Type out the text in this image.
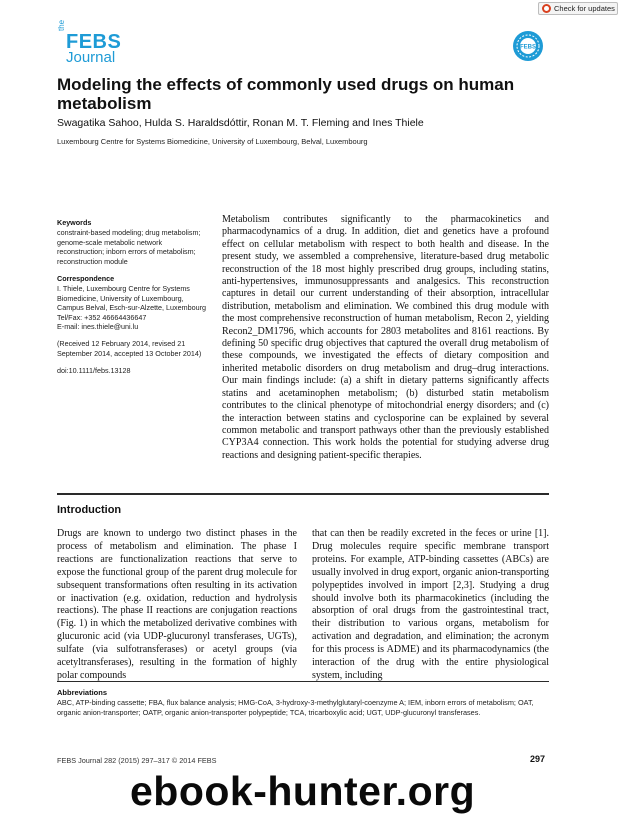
Check for updates
the
FEBS
Journal
FEBS
Modeling the effects of commonly used drugs on human metabolism
Swagatika Sahoo, Hulda S. Haraldsdóttir, Ronan M. T. Fleming and Ines Thiele
Luxembourg Centre for Systems Biomedicine, University of Luxembourg, Belval, Luxembourg
Keywords

constraint-based modeling; drug metabolism; genome-scale metabolic network reconstruction; inborn errors of metabolism; reconstruction module

Correspondence
I. Thiele, Luxembourg Centre for Systems Biomedicine, University of Luxembourg, Campus Belval, Esch-sur-Alzette, Luxembourg
Tel/Fax: +352 46664436647

E-mail: ines.thiele@uni.lu

(Received 12 February 2014, revised 21 September 2014, accepted 13 October 2014)

doi:10.1111/febs.13128

Metabolism contributes significantly to the pharmacokinetics and pharmacodynamics of a drug. In addition, diet and genetics have a profound effect on cellular metabolism with respect to both health and disease. In the present study, we assembled a comprehensive, literature-based drug metabolic reconstruction of the 18 most highly prescribed drug groups, including statins, anti-hypertensives, immunosuppressants and analgesics. This reconstruction captures in detail our current understanding of their absorption, intracellular distribution, metabolism and elimination. We combined this drug module with the most comprehensive reconstruction of human metabolism, Recon 2, yielding Recon2_DM1796, which accounts for 2803 metabolites and 8161 reactions. By defining 50 specific drug objectives that captured the overall drug metabolism of these compounds, we investigated the effects of dietary composition and inherited metabolic disorders on drug metabolism and drug–drug interactions. Our main findings include: (a) a shift in dietary patterns significantly affects statins and acetaminophen metabolism; (b) disturbed statin metabolism contributes to the clinical phenotype of mitochondrial energy disorders; and (c) the interaction between statins and cyclosporine can be explained by several common metabolic and transport pathways other than the previously established CYP3A4 connection. This work holds the potential for studying adverse drug reactions and designing patient-specific therapies.

Introduction

Drugs are known to undergo two distinct phases in the process of metabolism and elimination. The phase I reactions are functionalization reactions that serve to expose the functional group of the parent drug molecule for subsequent transformations often resulting in its activation or inactivation (e.g. oxidation, reduction and hydrolysis reactions). The phase II reactions are conjugation reactions (Fig. 1) in which the metabolized derivative combines with glucuronic acid (via UDP-glucuronyl transferases, UGTs), sulfate (via sulfotransferases) or acetyl groups (via acetyltransferases), resulting in the formation of highly polar compounds

that can then be readily excreted in the feces or urine [1]. Drug molecules require specific membrane transport proteins. For example, ATP-binding cassettes (ABCs) are usually involved in drug export, organic anion-transporting polypeptides involved in import [2,3]. Studying a drug should involve both its pharmacokinetics (including the absorption of oral drugs from the gastrointestinal tract, their distribution to various organs, metabolism for activation and degradation, and elimination; the acronym for this process is ADME) and its pharmacodynamics (the interaction of the drug with the entire physiological system, including

Abbreviations

ABC, ATP-binding cassette; FBA, flux balance analysis; HMG-CoA, 3-hydroxy-3-methylglutaryl-coenzyme A; IEM, inborn errors of metabolism; OAT, organic anion-transporter; OATP, organic anion-transporter polypeptide; TCA, tricarboxylic acid; UGT, UDP-glucuronyl transferases.

FEBS Journal 282 (2015) 297–317 © 2014 FEBS	297
ebook-hunter.org
